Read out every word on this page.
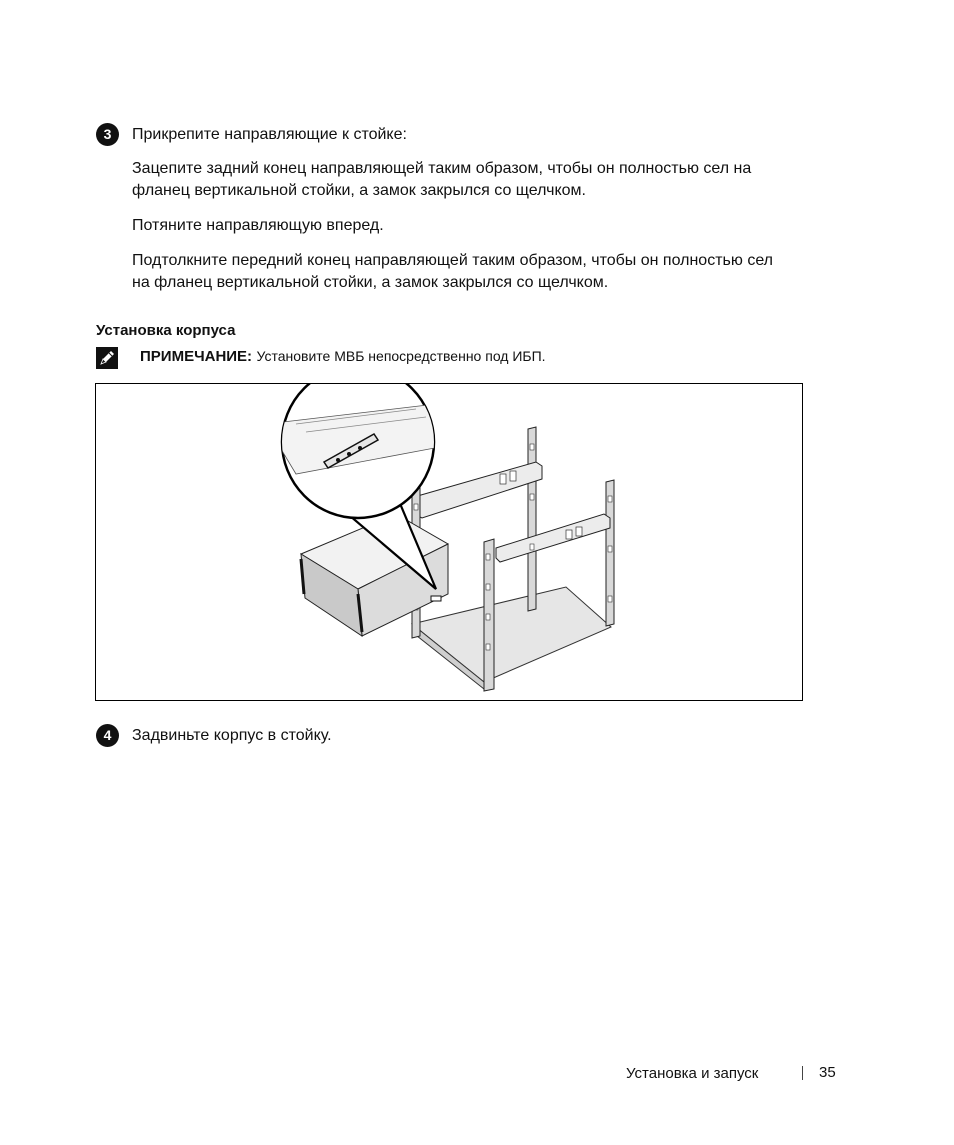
3	Прикрепите направляющие к стойке:
Зацепите задний конец направляющей таким образом, чтобы он полностью сел на
фланец вертикальной стойки, а замок закрылся со щелчком.
Потяните направляющую вперед.
Подтолкните передний конец направляющей таким образом, чтобы он полностью сел
на фланец вертикальной стойки, а замок закрылся со щелчком.
Установка корпуса
ПРИМЕЧАНИЕ: Установите МВБ непосредственно под ИБП.
4	Задвиньте корпус в стойку.
Установка и запуск	35
